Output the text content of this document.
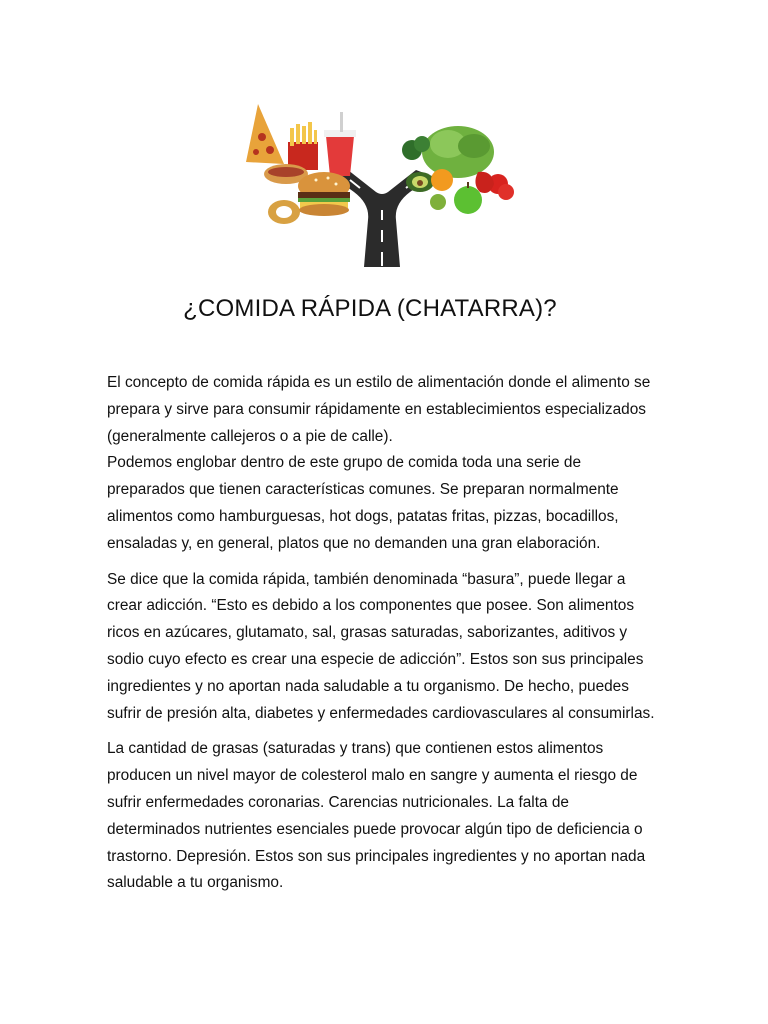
¿COMIDA RÁPIDA (CHATARRA)?

El concepto de comida rápida es un estilo de alimentación donde el alimento se prepara y sirve para consumir rápidamente en establecimientos especializados (generalmente callejeros o a pie de calle).

Podemos englobar dentro de este grupo de comida toda una serie de preparados que tienen características comunes. Se preparan normalmente alimentos como hamburguesas, hot dogs, patatas fritas, pizzas, bocadillos, ensaladas y, en general, platos que no demanden una gran elaboración.

Se dice que la comida rápida, también denominada “basura”, puede llegar a crear adicción. “Esto es debido a los componentes que posee. Son alimentos ricos en azúcares, glutamato, sal, grasas saturadas, saborizantes, aditivos y sodio cuyo efecto es crear una especie de adicción”. Estos son sus principales ingredientes y no aportan nada saludable a tu organismo. De hecho, puedes sufrir de presión alta, diabetes y enfermedades cardiovasculares al consumirlas.

La cantidad de grasas (saturadas y trans) que contienen estos alimentos producen un nivel mayor de colesterol malo en sangre y aumenta el riesgo de sufrir enfermedades coronarias. Carencias nutricionales. La falta de determinados nutrientes esenciales puede provocar algún tipo de deficiencia o trastorno. Depresión. Estos son sus principales ingredientes y no aportan nada saludable a tu organismo.
